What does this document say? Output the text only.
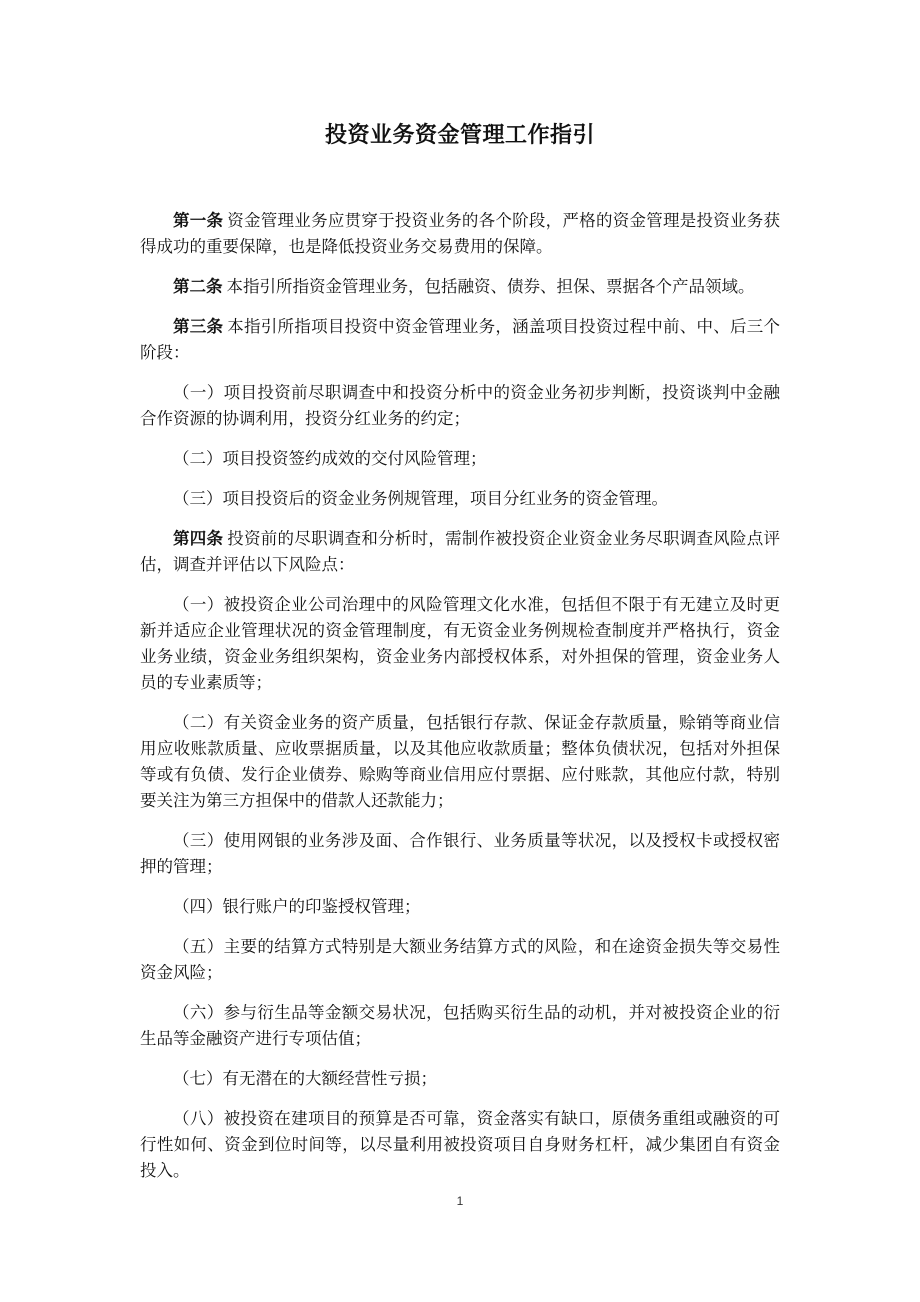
投资业务资金管理工作指引

第一条 资金管理业务应贯穿于投资业务的各个阶段，严格的资金管理是投资业务获得成功的重要保障，也是降低投资业务交易费用的保障。

第二条 本指引所指资金管理业务，包括融资、债券、担保、票据各个产品领域。

第三条 本指引所指项目投资中资金管理业务，涵盖项目投资过程中前、中、后三个阶段：

（一）项目投资前尽职调查中和投资分析中的资金业务初步判断，投资谈判中金融合作资源的协调利用，投资分红业务的约定；

（二）项目投资签约成效的交付风险管理；

（三）项目投资后的资金业务例规管理，项目分红业务的资金管理。

第四条 投资前的尽职调查和分析时，需制作被投资企业资金业务尽职调查风险点评估，调查并评估以下风险点：

（一）被投资企业公司治理中的风险管理文化水准，包括但不限于有无建立及时更新并适应企业管理状况的资金管理制度，有无资金业务例规检查制度并严格执行，资金业务业绩，资金业务组织架构，资金业务内部授权体系，对外担保的管理，资金业务人员的专业素质等；

（二）有关资金业务的资产质量，包括银行存款、保证金存款质量，赊销等商业信用应收账款质量、应收票据质量，以及其他应收款质量；整体负债状况，包括对外担保等或有负债、发行企业债券、赊购等商业信用应付票据、应付账款，其他应付款，特别要关注为第三方担保中的借款人还款能力；

（三）使用网银的业务涉及面、合作银行、业务质量等状况，以及授权卡或授权密押的管理；

（四）银行账户的印鉴授权管理；

（五）主要的结算方式特别是大额业务结算方式的风险，和在途资金损失等交易性资金风险；

（六）参与衍生品等金额交易状况，包括购买衍生品的动机，并对被投资企业的衍生品等金融资产进行专项估值；

（七）有无潜在的大额经营性亏损；

（八）被投资在建项目的预算是否可靠，资金落实有缺口，原债务重组或融资的可行性如何、资金到位时间等，以尽量利用被投资项目自身财务杠杆，减少集团自有资金投入。

1
